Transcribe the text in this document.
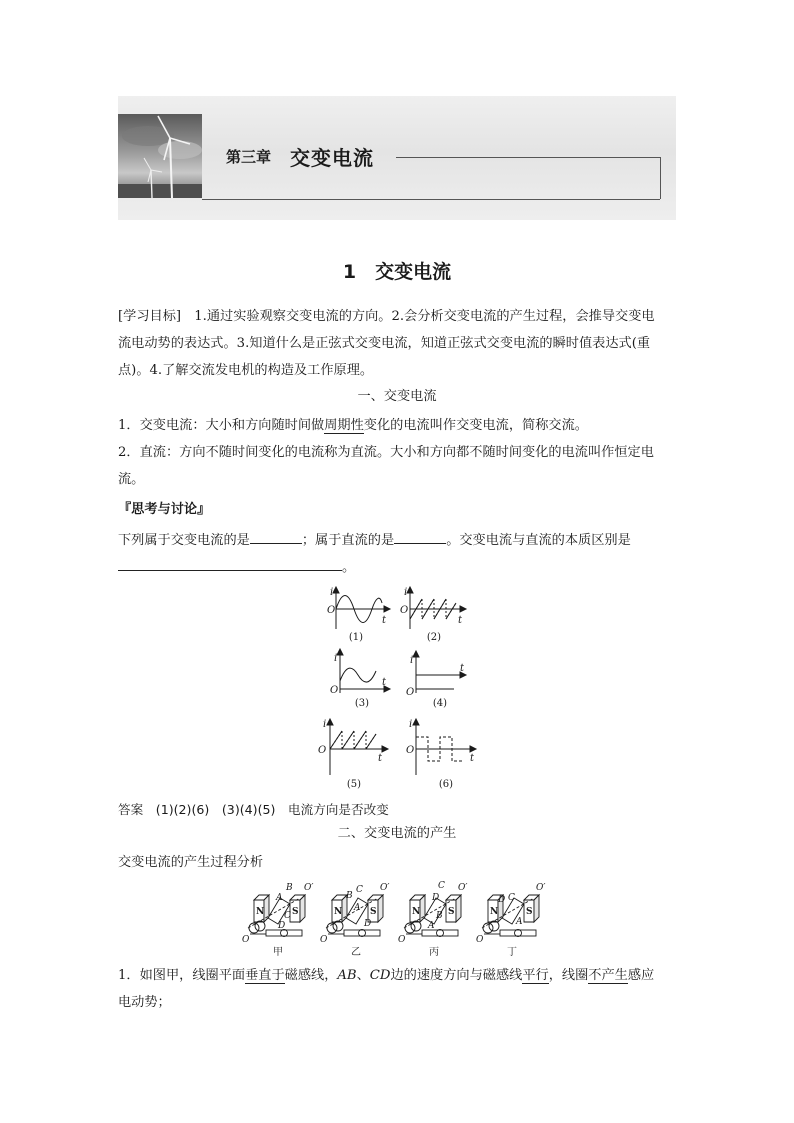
第三章 交变电流
1　交变电流
[学习目标]　 1.通过实验观察交变电流的方向。2.会分析交变电流的产生过程，会推导交变电
流电动势的表达式。3.知道什么是正弦式交变电流，知道正弦式交变电流的瞬时值表达式(重
点)。4.了解交流发电机的构造及工作原理。
一、交变电流
1．交变电流：大小和方向随时间做周期性变化的电流叫作交变电流，简称交流。
2．直流：方向不随时间变化的电流称为直流。大小和方向都不随时间变化的电流叫作恒定电
流。
『思考与讨论』
下列属于交变电流的是	；属于直流的是	。交变电流与直流的本质区别是
。
i
O
t
i
O
t
i
O
t
i
O
t
i
O
t
i
O
t
(1)	(2)
(3)	(4)
(5)	(6)
答案　(1)(2)(6)　(3)(4)(5)　电流方向是否改变
二、交变电流的产生
交变电流的产生过程分析
N	S
B
A
C
D
O′
O
N	S
B
A
C
D
O′
O
N	S
C
D
B
A
O′
O
N	S
D C
A
O′
O
甲	乙	丙	丁
1．如图甲，线圈平面垂直于磁感线，AB、CD边的速度方向与磁感线平行，线圈不产生感应
电动势；
